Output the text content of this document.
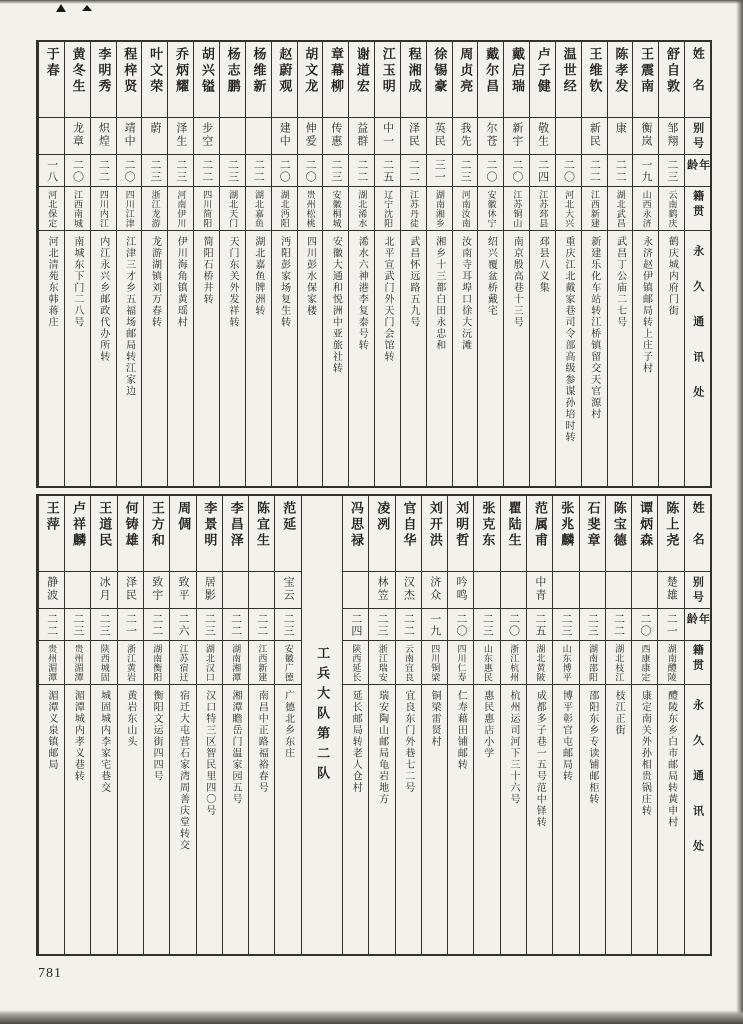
姓名
别号
年龄
籍贯
永久通讯处
舒自敦
邹翔
二三
云南鹤庆
鹤庆城内府门街
王震南
衡岚
一九
山西永济
永济赵伊镇邮局转上庄子村
陈孝发
康
二二
湖北武昌
武昌丁公庙二七号
王维钦
新民
二二
江西新建
新建乐化车站转江桥镇留交天官源村
温世经
二〇
河北大兴
重庆江北戴家巷司令部高级参谋孙培时转
卢子健
敬生
二四
江苏邳县
邳县八义集
戴启瑞
新宇
二〇
江苏铜山
南京殷高巷十三号
戴尔昌
尔苍
二〇
安徽休宁
绍兴覆盆桥戴宅
周贞亮
我先
二三
河南汝南
汝南寺耳埠口徐大沅滩
徐锡豪
英民
三一
湖南湘乡
湘乡十三都白田永忠和
程湘成
泽民
二二
江苏丹徒
武昌怀远路五九号
江玉明
中一
二五
辽宁沈阳
北平宣武门外天门会馆转
谢道宏
益群
二二
湖北浠水
浠水六神港李复泰号转
章幕柳
传惠
二三
安徽桐城
安徽大通和悦洲中亚旅社转
胡文龙
伸爱
二〇
贵州松桃
四川彭水保家楼
赵蔚观
建中
二〇
湖北沔阳
沔阳彭家场复生转
杨维新
二二
湖北嘉鱼
湖北嘉鱼牌洲转
杨志鹏
二三
湖北天门
天门东关外发祥转
胡兴镒
步空
二二
四川简阳
简阳石桥井转
乔炳耀
泽生
二三
河南伊川
伊川海角镇黄瑶村
叶文荣
蔚
二三
浙江龙游
龙游湖镇刘万春转
程梓贤
靖中
二〇
四川江津
江津三才乡五福场邮局转江家边
李明秀
炽煌
二二
四川内江
内江永兴乡邮政代办所转
黄冬生
龙章
二〇
江西南城
南城东下门二八号
于春
一八
河北保定
河北清苑东韩蒋庄
姓名
别号
年龄
籍贯
永久通讯处
陈上尧
楚雄
二一
湖南醴陵
醴陵东乡白市邮局转黄申村
谭炳森
二〇
西康康定
康定南关外孙相贵锅庄转
陈宝德
二二
湖北枝江
枝江正街
石斐章
二三
湖南邵阳
邵阳东乡专读铺邮柜转
张兆麟
二三
山东博平
博平彰官屯邮局转
范属甫
中青
二五
湖北黄陂
成都多子巷一五号范中铎转
瞿陆生
二〇
浙江杭州
杭州运司河下三十六号
张克东
二三
山东惠民
惠民惠店小学
刘明哲
吟鸣
二〇
四川仁寿
仁寿藉田铺邮转
刘开洪
济众
一九
四川铜梁
铜梁雷贤村
官自华
汉杰
二二
云南宜良
宜良东门外巷七二号
凌冽
林笠
二三
浙江瑞安
瑞安陶山邮局龟岩地方
冯思禄
二四
陕西延长
延长邮局转老人仓村
工兵大队第二队
范延
宝云
二三
安徽广德
广德北乡东庄
陈宜生
二二
江西新建
南昌中正路福裕春号
李昌泽
二二
湖南湘潭
湘潭瞻岳门温家园五号
李景明
居影
二三
湖北汉口
汉口特三区智民里四〇号
周倜
致平
二六
江苏宿迁
宿迁大屯营石家湾周善庆堂转交
王方和
致宇
二二
湖南衡阳
衡阳文运街四四号
何铸雄
泽民
二一
浙江黄岩
黄岩东山头
王道民
冰月
二三
陕西城固
城固城内李家宅巷交
卢祥麟
二三
贵州湄潭
湄潭城内孝义巷转
王萍
静波
二二
贵州湄潭
湄潭义泉镇邮局
781
